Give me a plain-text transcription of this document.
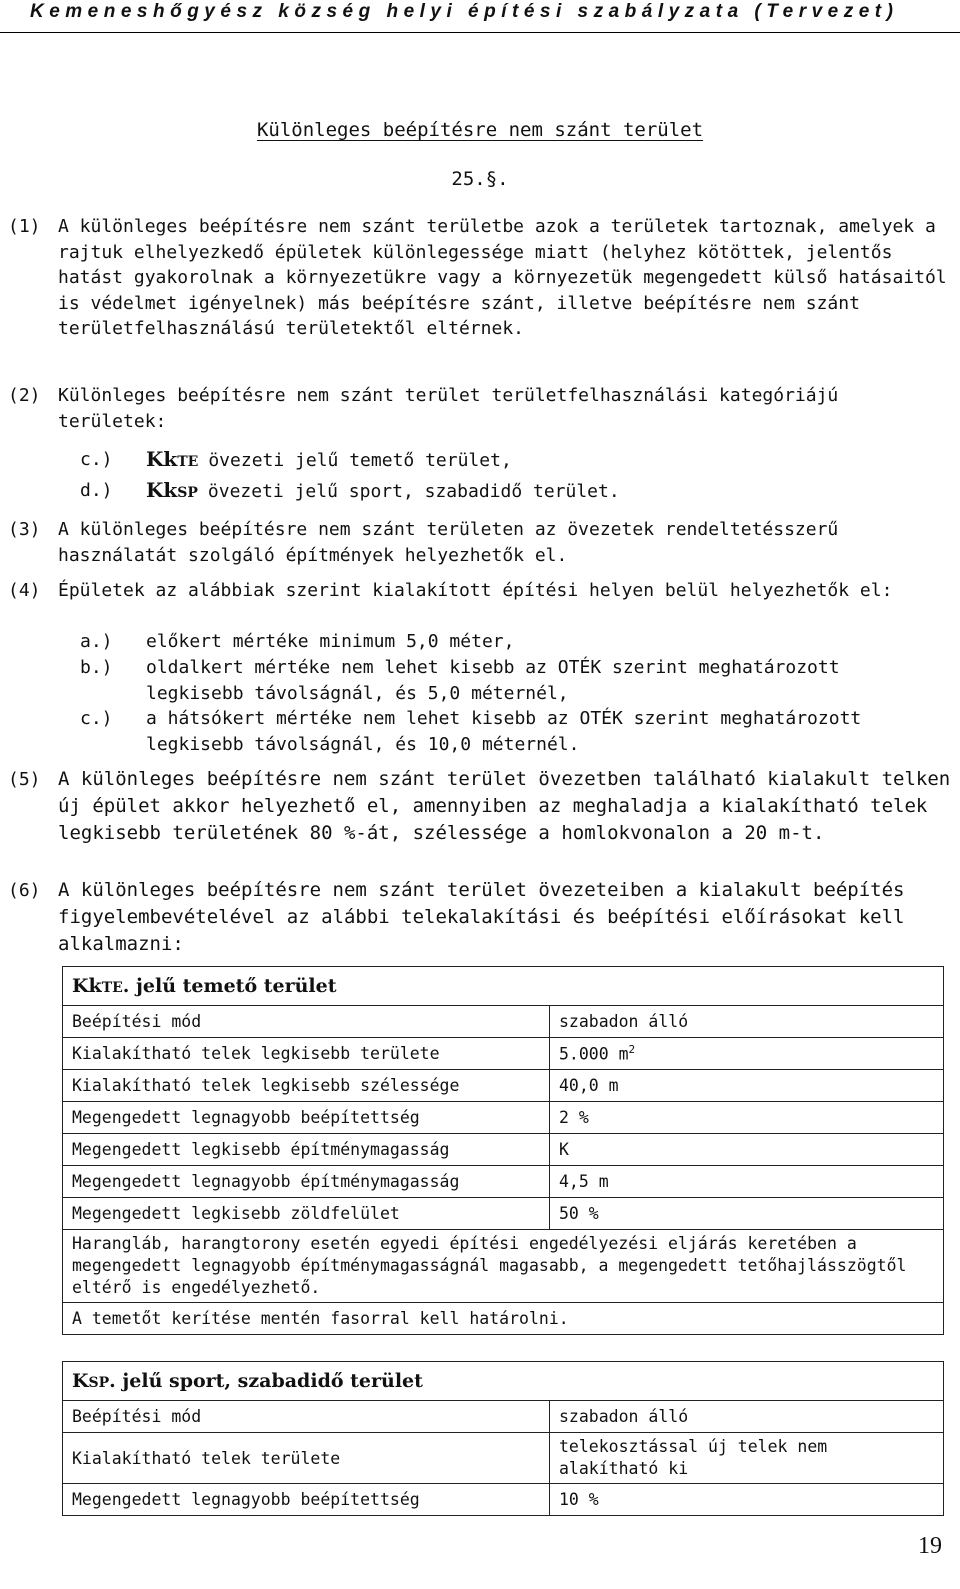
Kemeneshőgyész község helyi építési szabályzata (Tervezet)
Különleges beépítésre nem szánt terület
25.§.
(1) A különleges beépítésre nem szánt területbe azok a területek tartoznak, amelyek a rajtuk elhelyezkedő épületek különlegessége miatt (helyhez kötöttek, jelentős hatást gyakorolnak a környezetükre vagy a környezetük megengedett külső hatásaitól is védelmet igényelnek) más beépítésre szánt, illetve beépítésre nem szánt területfelhasználású területektől eltérnek.
(2) Különleges beépítésre nem szánt terület területfelhasználási kategóriájú területek:
c.) KkTE övezeti jelű temető terület,
d.) KkSP övezeti jelű sport, szabadidő terület.
(3) A különleges beépítésre nem szánt területen az övezetek rendeltetésszerű használatát szolgáló építmények helyezhetők el.
(4) Épületek az alábbiak szerint kialakított építési helyen belül helyezhetők el:
a.) előkert mértéke minimum 5,0 méter,
b.) oldalkert mértéke nem lehet kisebb az OTÉK szerint meghatározott legkisebb távolságnál, és 5,0 méternél,
c.) a hátsókert mértéke nem lehet kisebb az OTÉK szerint meghatározott legkisebb távolságnál, és 10,0 méternél.
(5) A különleges beépítésre nem szánt terület övezetben található kialakult telken új épület akkor helyezhető el, amennyiben az meghaladja a kialakítható telek legkisebb területének 80 %-át, szélessége a homlokvonalon a 20 m-t.
(6) A különleges beépítésre nem szánt terület övezeteiben a kialakult beépítés figyelembevételével az alábbi telekalakítási és beépítési előírásokat kell alkalmazni:
KkTE. jelű temető terület	
Beépítési mód	szabadon álló
Kialakítható telek legkisebb területe	5.000 $m^2$
Kialakítható telek legkisebb szélessége	40,0 m
Megengedett legnagyobb beépítettség	2 %
Megengedett legkisebb építménymagasság	K
Megengedett legnagyobb építménymagasság	4,5 m
Megengedett legkisebb zöldfelület	50 %
Harangláb, harangtorony esetén egyedi építési engedélyezési eljárás keretében a megengedett legnagyobb építménymagasságnál magasabb, a megengedett tetőhajlásszögtől eltérő is engedélyezhető.	
A temetőt kerítése mentén fasorral kell határolni.	
KSP. jelű sport, szabadidő terület	
Beépítési mód	szabadon álló
Kialakítható telek területe	telekosztással új telek nem alakítható ki
Megengedett legnagyobb beépítettség	10 %
19
